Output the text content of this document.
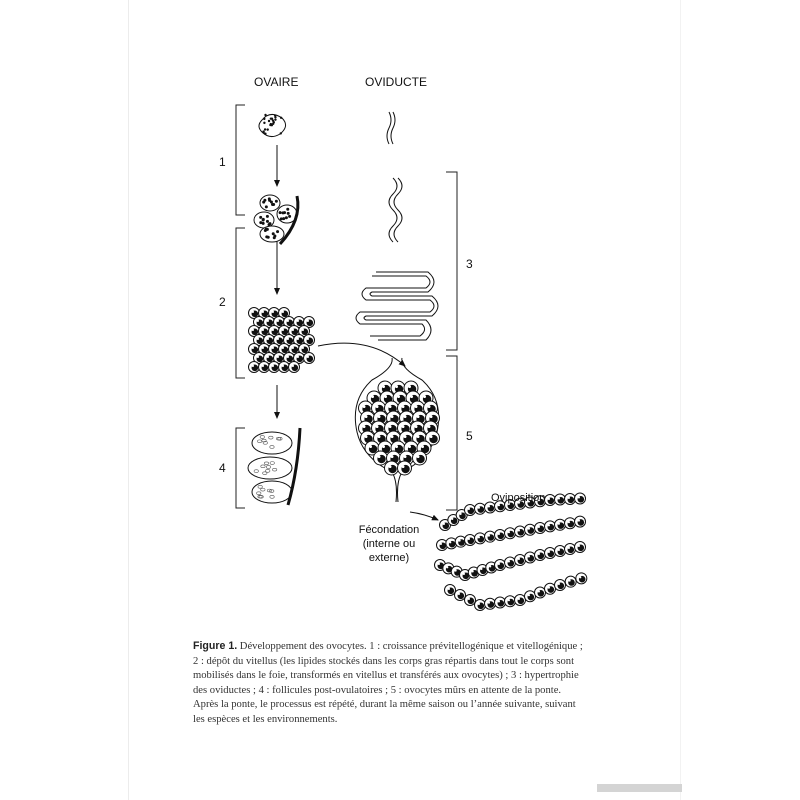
OVAIRE	OVIDUCTE
1
2
4
3
5
Oviposition
Fécondation
(interne ou
externe)
Figure 1. Développement des ovocytes. 1 : croissance prévitellogénique et vitellogénique ;
2 : dépôt du vitellus (les lipides stockés dans les corps gras répartis dans tout le corps sont
mobilisés dans le foie, transformés en vitellus et transférés aux ovocytes) ; 3 : hypertrophie
des oviductes ; 4 : follicules post-ovulatoires ; 5 : ovocytes mûrs en attente de la ponte.
Après la ponte, le processus est répété, durant la même saison ou l’année suivante, suivant
les espèces et les environnements.
